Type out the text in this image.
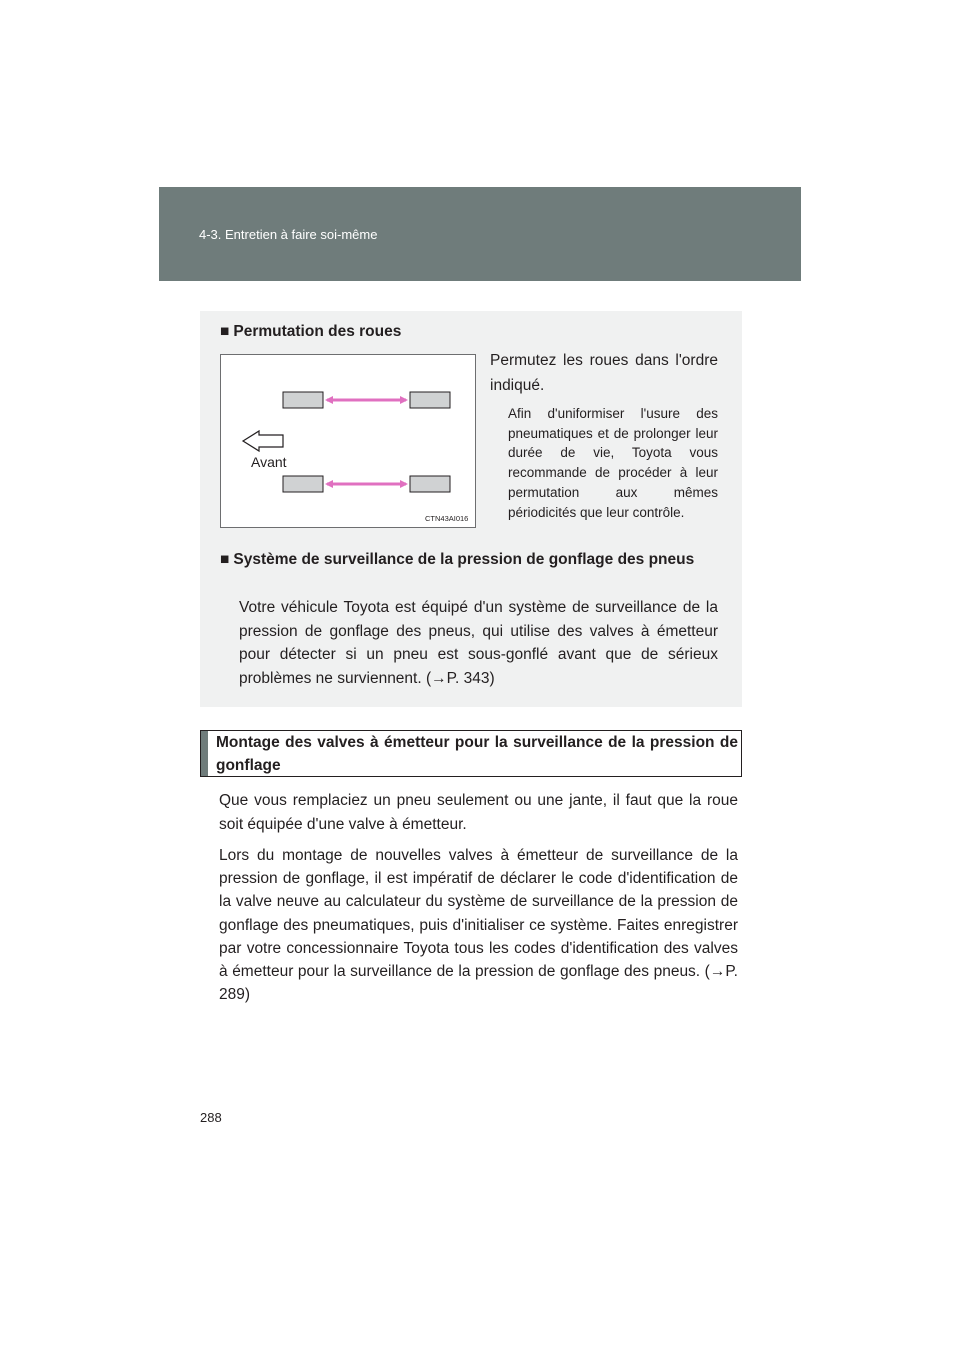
4-3. Entretien à faire soi-même
■ Permutation des roues
Avant
CTN43AI016
Permutez les roues dans l'ordre indiqué.
Afin d'uniformiser l'usure des pneumatiques et de prolonger leur durée de vie, Toyota vous recommande de procéder à leur permutation aux mêmes périodicités que leur contrôle.
■ Système de surveillance de la pression de gonflage des pneus
Votre véhicule Toyota est équipé d'un système de surveillance de la pression de gonflage des pneus, qui utilise des valves à émetteur pour détecter si un pneu est sous-gonflé avant que de sérieux problèmes ne surviennent. (→P. 343)
Montage des valves à émetteur pour la surveillance de la pression de gonflage
Que vous remplaciez un pneu seulement ou une jante, il faut que la roue soit équipée d'une valve à émetteur.
Lors du montage de nouvelles valves à émetteur de surveillance de la pression de gonflage, il est impératif de déclarer le code d'identification de la valve neuve au calculateur du système de surveillance de la pression de gonflage des pneumatiques, puis d'initialiser ce système. Faites enregistrer par votre concessionnaire Toyota tous les codes d'identification des valves à émetteur pour la surveillance de la pression de gonflage des pneus. (→P. 289)
288
